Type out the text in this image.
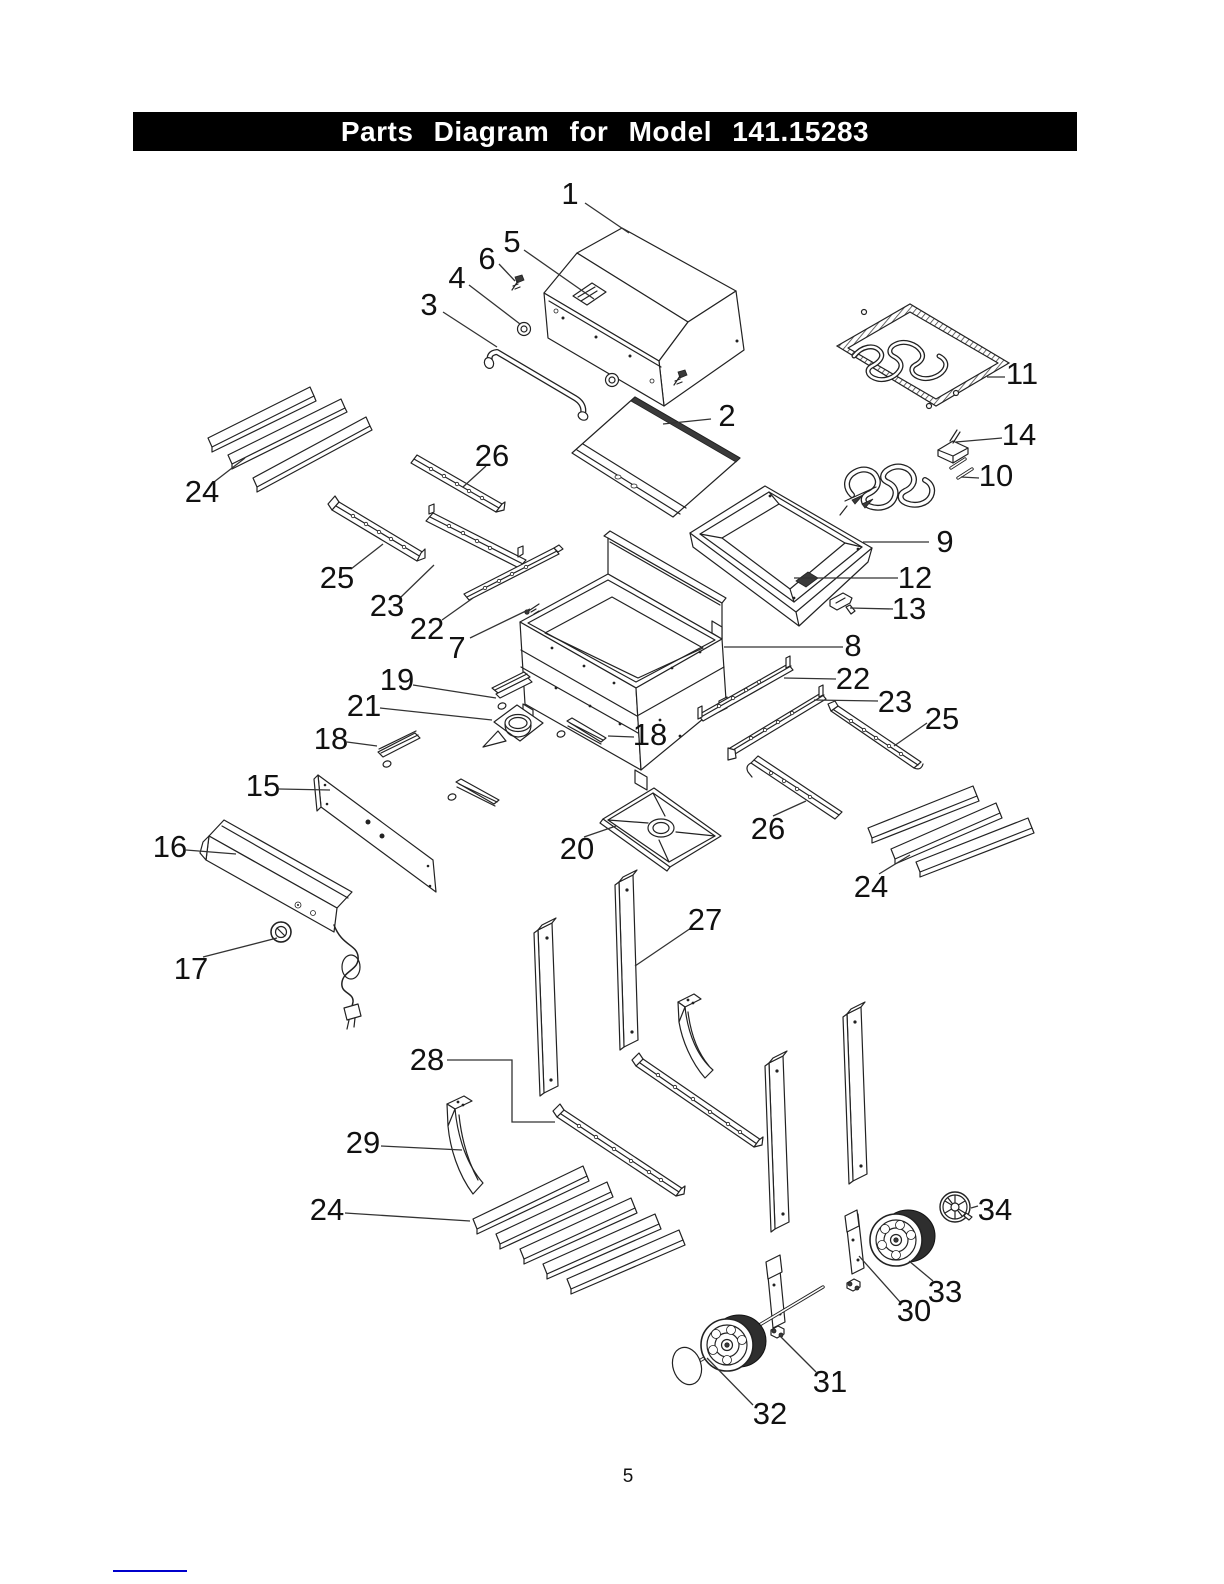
Parts Diagram for Model 141.15283
1
5
6
4
3
2
11
14
10
9
12
13
8
22
23 25
22
23
25
26
24
7
19
21
18	18
15
16
17
20
26
24
27
28
29
24
30
33
34
31
32
5
